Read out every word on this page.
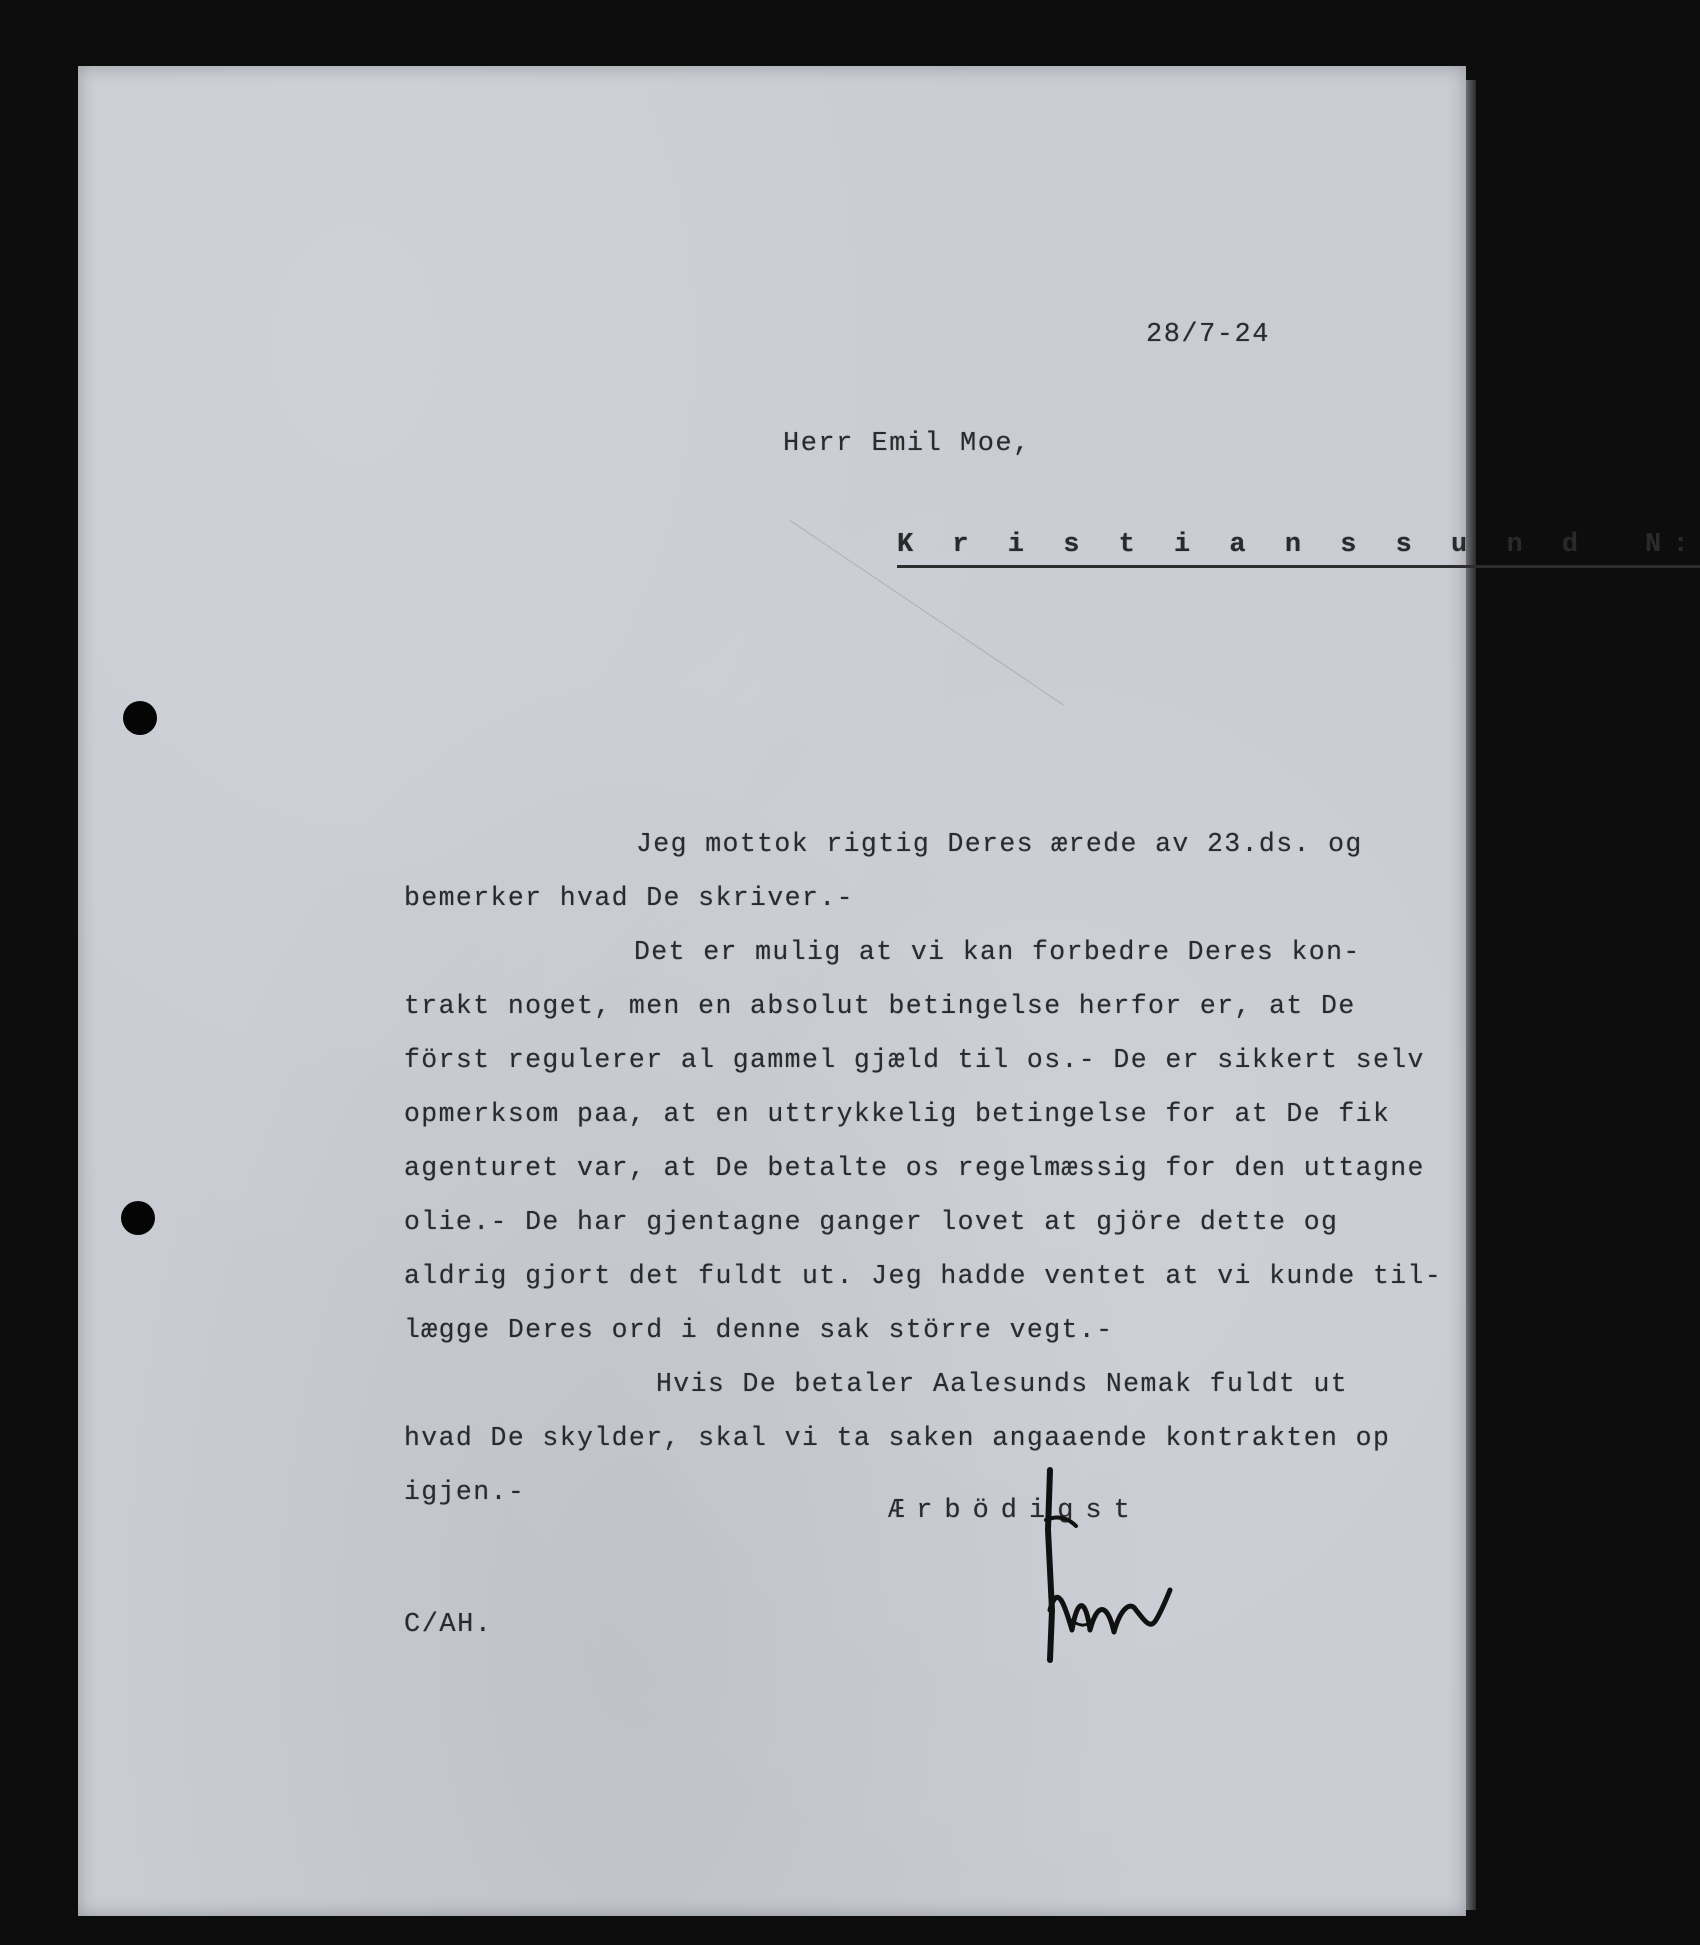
28/7-24
Herr Emil Moe,
K r i s t i a n s s u n d  N:
Jeg mottok rigtig Deres ærede av 23.ds. og
bemerker hvad De skriver.-
Det er mulig at vi kan forbedre Deres kon-
trakt noget, men en absolut betingelse herfor er, at De
först regulerer al gammel gjæld til os.- De er sikkert selv
opmerksom paa, at en uttrykkelig betingelse for at De fik
agenturet var, at De betalte os regelmæssig for den uttagne
olie.- De har gjentagne ganger lovet at gjöre dette og
aldrig gjort det fuldt ut. Jeg hadde ventet at vi kunde til-
lægge Deres ord i denne sak större vegt.-
Hvis De betaler Aalesunds Nemak fuldt ut
hvad De skylder, skal vi ta saken angaaende kontrakten op
igjen.-
Ærbödigst
C/AH.
